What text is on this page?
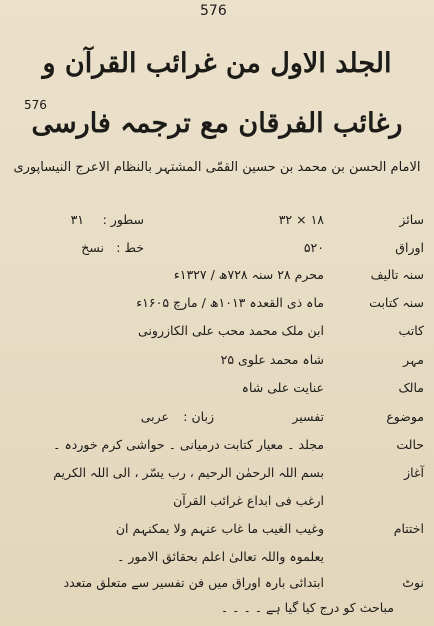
576
576
الجلد الاول من غرائب القرآن و
رغائب الفرقان مع ترجمہ فارسی
الامام الحسن بن محمد بن حسین القمّی المشتہر بالنظام الاعرج النیساپوری
سائز
۱۸ × ۳۲
سطور :
۳۱
اوراق
۵۲۰
خط :
نسخ
سنہ تالیف
محرم ۲۸ سنہ ۷۲۸ھ / ۱۳۲۷ء
سنہ کتابت
ماہ ذی القعدہ ۱۰۱۳ھ / مارچ ۱۶۰۵ء
کاتب
ابن ملک محمد محب علی الکازرونی
مہر
شاہ محمد علوی ۲۵
مالک
عنایت علی شاہ
موضوع
تفسیر
زبان :
عربی
حالت
مجلد ۔ معیار کتابت درمیانی ۔ حواشی کرم خوردہ ۔
آغاز
بسم اللہ الرحمٰن الرحیم ، رب یسّر ، الی اللہ الکریم
ارغب فی ابداع غرائب القرآن
اختتام
وغیب الغیب ما غاب عنہم ولا یمکنہم ان
یعلموہ واللہ تعالیٰ اعلم بحقائق الامور ۔
نوٹ
ابتدائی بارہ اوراق میں فن تفسیر سے متعلق متعدد
مباحث کو درج کیا گیا ہے ۔ ۔ ۔ ۔
